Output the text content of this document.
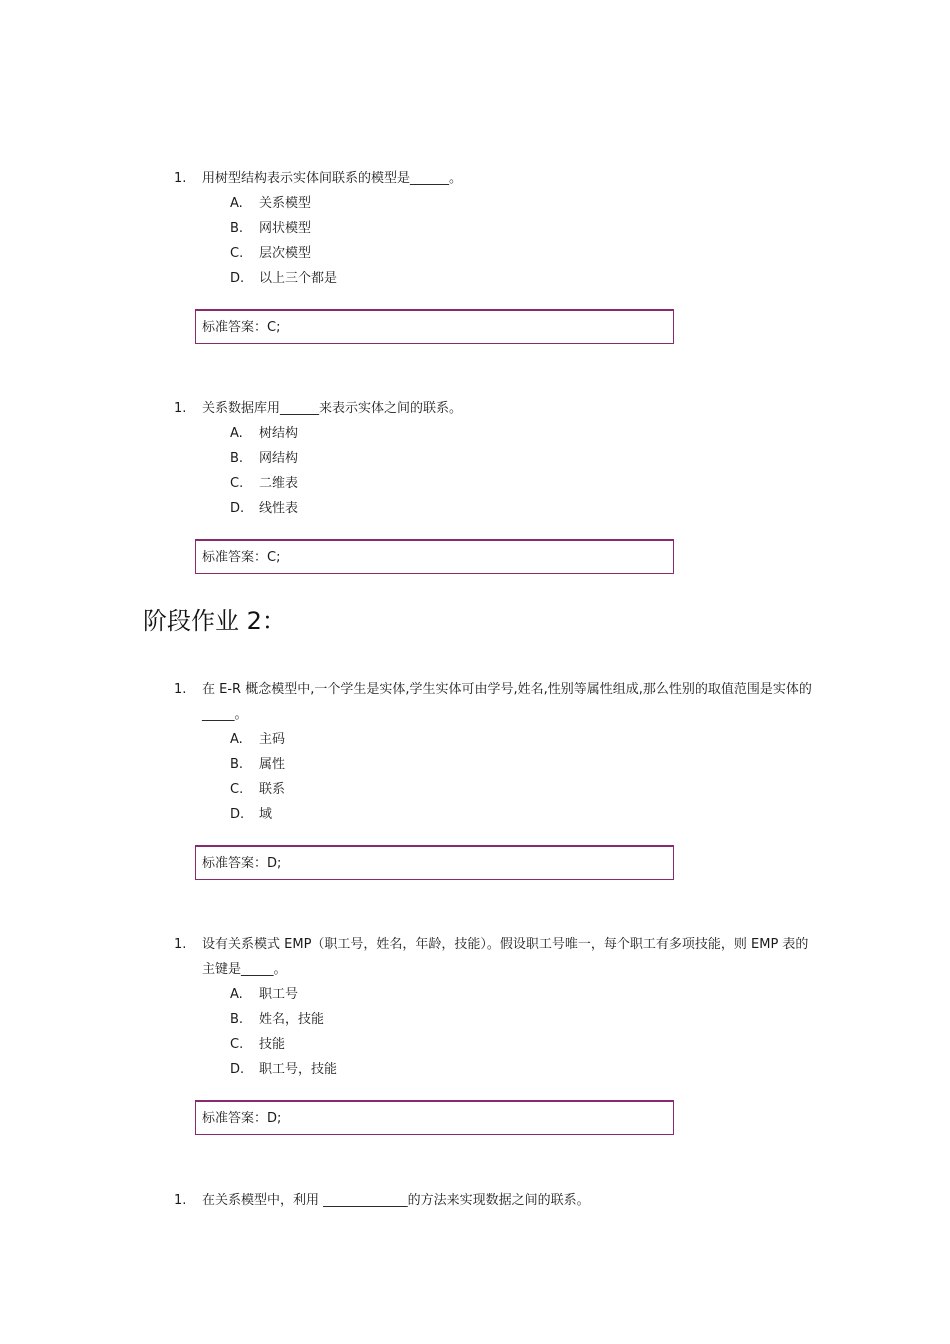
1. 用树型结构表示实体间联系的模型是______。
A. 关系模型
B. 网状模型
C. 层次模型
D. 以上三个都是
标准答案：C;
1. 关系数据库用______来表示实体之间的联系。
A. 树结构
B. 网结构
C. 二维表
D. 线性表
标准答案：C;
阶段作业 2：
1. 在 E-R 概念模型中,一个学生是实体,学生实体可由学号,姓名,性别等属性组成,那么性别的取值范围是实体的_____。
A. 主码
B. 属性
C. 联系
D. 域
标准答案：D;
1. 设有关系模式 EMP（职工号，姓名，年龄，技能）。假设职工号唯一，每个职工有多项技能，则 EMP 表的主键是_____。
A. 职工号
B. 姓名，技能
C. 技能
D. 职工号，技能
标准答案：D;
1. 在关系模型中，利用 _____________的方法来实现数据之间的联系。
